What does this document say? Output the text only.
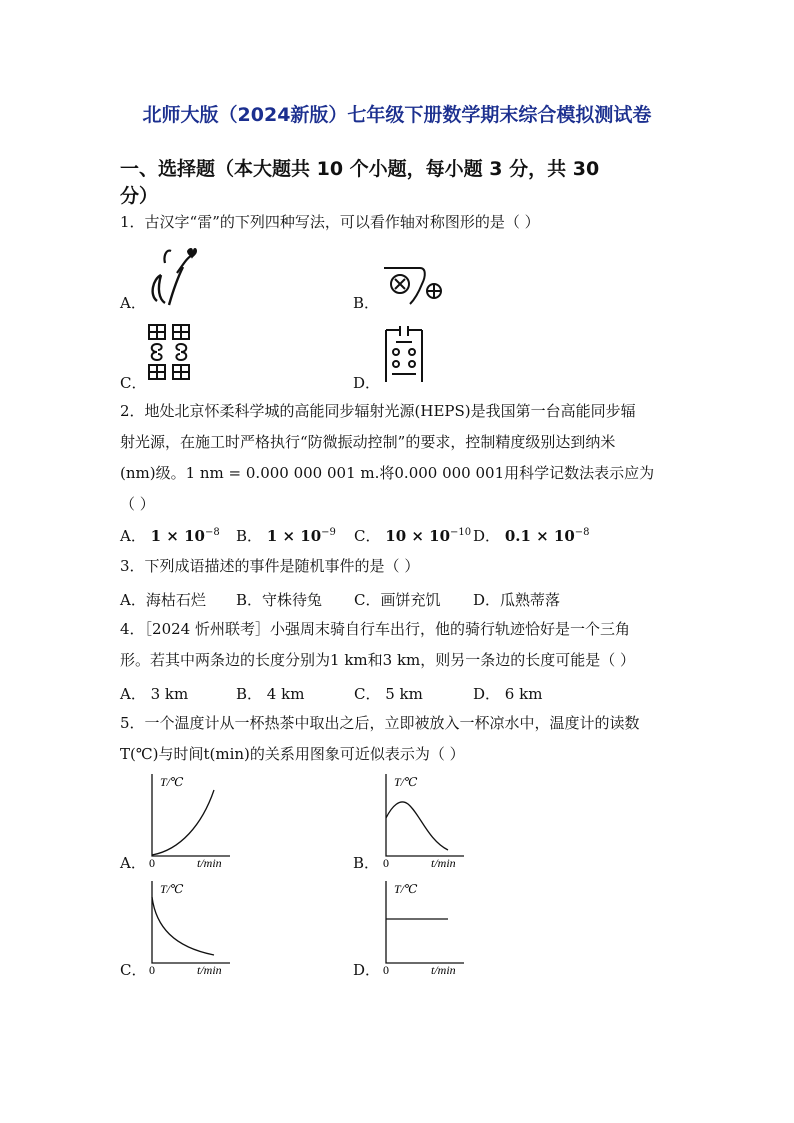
北师大版（2024新版）七年级下册数学期末综合模拟测试卷
一、选择题（本大题共 10 个小题，每小题 3 分，共 30
分）
1．古汉字“雷”的下列四种写法，可以看作轴对称图形的是（ ）
A．	B．
C．	D．
2．地处北京怀柔科学城的高能同步辐射光源(HEPS)是我国第一台高能同步辐
射光源，在施工时严格执行“防微振动控制”的要求，控制精度级别达到纳米
(nm)级。1 nm = 0.000 000 001 m.将0.000 000 001用科学记数法表示应为
（ ）
A． $1 \times 10^{-8}$ B． $1 \times 10^{-9}$ C． $10 \times 10^{-10}$ D． $0.1 \times 10^{-8}$
3．下列成语描述的事件是随机事件的是（ ）
A．海枯石烂 B．守株待兔 C．画饼充饥 D．瓜熟蒂落
4．［2024 忻州联考］小强周末骑自行车出行，他的骑行轨迹恰好是一个三角
形。若其中两条边的长度分别为1 km和3 km，则另一条边的长度可能是（ ）
A． 3 km	B． 4 km	C． 5 km	D． 6 km
5．一个温度计从一杯热茶中取出之后，立即被放入一杯凉水中，温度计的读数
T(℃)与时间t(min)的关系用图象可近似表示为（ ）
A．	B．
C．	D．
T/℃
t/min
0
T/℃
t/min
0
T/℃
t/min
0
T/℃
t/min
0
